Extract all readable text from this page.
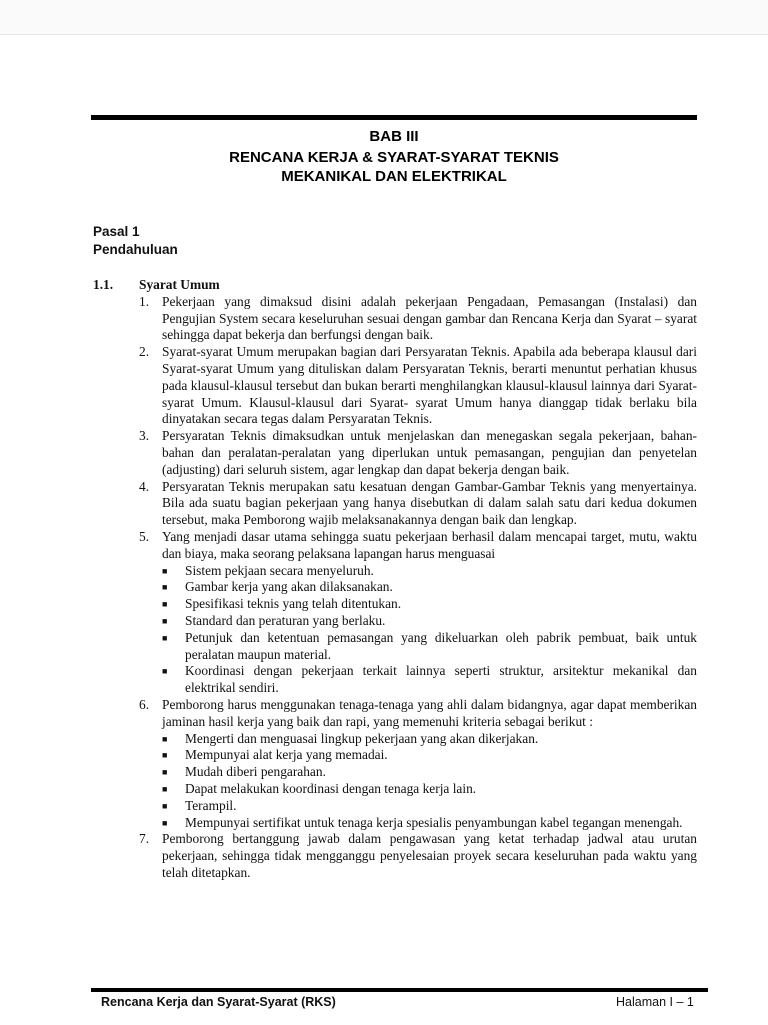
BAB III
RENCANA KERJA & SYARAT-SYARAT TEKNIS
MEKANIKAL DAN ELEKTRIKAL
Pasal 1
Pendahuluan
1.1.	Syarat Umum
1. Pekerjaan yang dimaksud disini adalah pekerjaan Pengadaan, Pemasangan (Instalasi) dan Pengujian System secara keseluruhan sesuai dengan gambar dan Rencana Kerja dan Syarat – syarat sehingga dapat bekerja dan berfungsi dengan baik.
2. Syarat-syarat Umum merupakan bagian dari Persyaratan Teknis. Apabila ada beberapa klausul dari Syarat-syarat Umum yang dituliskan dalam Persyaratan Teknis, berarti menuntut perhatian khusus pada klausul-klausul tersebut dan bukan berarti menghilangkan klausul-klausul lainnya dari Syarat-syarat Umum. Klausul-klausul dari Syarat- syarat Umum hanya dianggap tidak berlaku bila dinyatakan secara tegas dalam Persyaratan Teknis.
3. Persyaratan Teknis dimaksudkan untuk menjelaskan dan menegaskan segala pekerjaan, bahan-bahan dan peralatan-peralatan yang diperlukan untuk pemasangan, pengujian dan penyetelan (adjusting) dari seluruh sistem, agar lengkap dan dapat bekerja dengan baik.
4. Persyaratan Teknis merupakan satu kesatuan dengan Gambar-Gambar Teknis yang menyertainya. Bila ada suatu bagian pekerjaan yang hanya disebutkan di dalam salah satu dari kedua dokumen tersebut, maka Pemborong wajib melaksanakannya dengan baik dan lengkap.
5. Yang menjadi dasar utama sehingga suatu pekerjaan berhasil dalam mencapai target, mutu, waktu dan biaya, maka seorang pelaksana lapangan harus menguasai
■	Sistem pekjaan secara menyeluruh.
■	Gambar kerja yang akan dilaksanakan.
■	Spesifikasi teknis yang telah ditentukan.
■	Standard dan peraturan yang berlaku.
■	Petunjuk dan ketentuan pemasangan yang dikeluarkan oleh pabrik pembuat, baik untuk peralatan maupun material.
■	Koordinasi dengan pekerjaan terkait lainnya seperti struktur, arsitektur mekanikal dan elektrikal sendiri.
6. Pemborong harus menggunakan tenaga-tenaga yang ahli dalam bidangnya, agar dapat memberikan jaminan hasil kerja yang baik dan rapi, yang memenuhi kriteria sebagai berikut :
■	Mengerti dan menguasai lingkup pekerjaan yang akan dikerjakan.
■	Mempunyai alat kerja yang memadai.
■	Mudah diberi pengarahan.
■	Dapat melakukan koordinasi dengan tenaga kerja lain.
■	Terampil.
■	Mempunyai sertifikat untuk tenaga kerja spesialis penyambungan kabel tegangan menengah.
7. Pemborong bertanggung jawab dalam pengawasan yang ketat terhadap jadwal atau urutan pekerjaan, sehingga tidak mengganggu penyelesaian proyek secara keseluruhan pada waktu yang telah ditetapkan.
Rencana Kerja dan Syarat-Syarat (RKS)	Halaman I – 1
